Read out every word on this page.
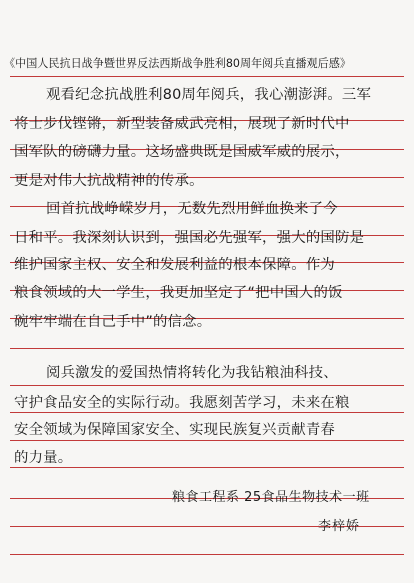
《中国人民抗日战争暨世界反法西斯战争胜利80周年阅兵直播观后感》
观看纪念抗战胜利80周年阅兵，我心潮澎湃。三军
将士步伐铿锵，新型装备威武亮相，展现了新时代中
国军队的磅礴力量。这场盛典既是国威军威的展示，
更是对伟大抗战精神的传承。
回首抗战峥嵘岁月，无数先烈用鲜血换来了今
日和平。我深刻认识到，强国必先强军，强大的国防是
维护国家主权、安全和发展利益的根本保障。作为
粮食领域的大一学生，我更加坚定了“把中国人的饭
碗牢牢端在自己手中”的信念。
阅兵激发的爱国热情将转化为我钻粮油科技、
守护食品安全的实际行动。我愿刻苦学习，未来在粮
安全领域为保障国家安全、实现民族复兴贡献青春
的力量。
粮食工程系 25食品生物技术一班
李梓娇
